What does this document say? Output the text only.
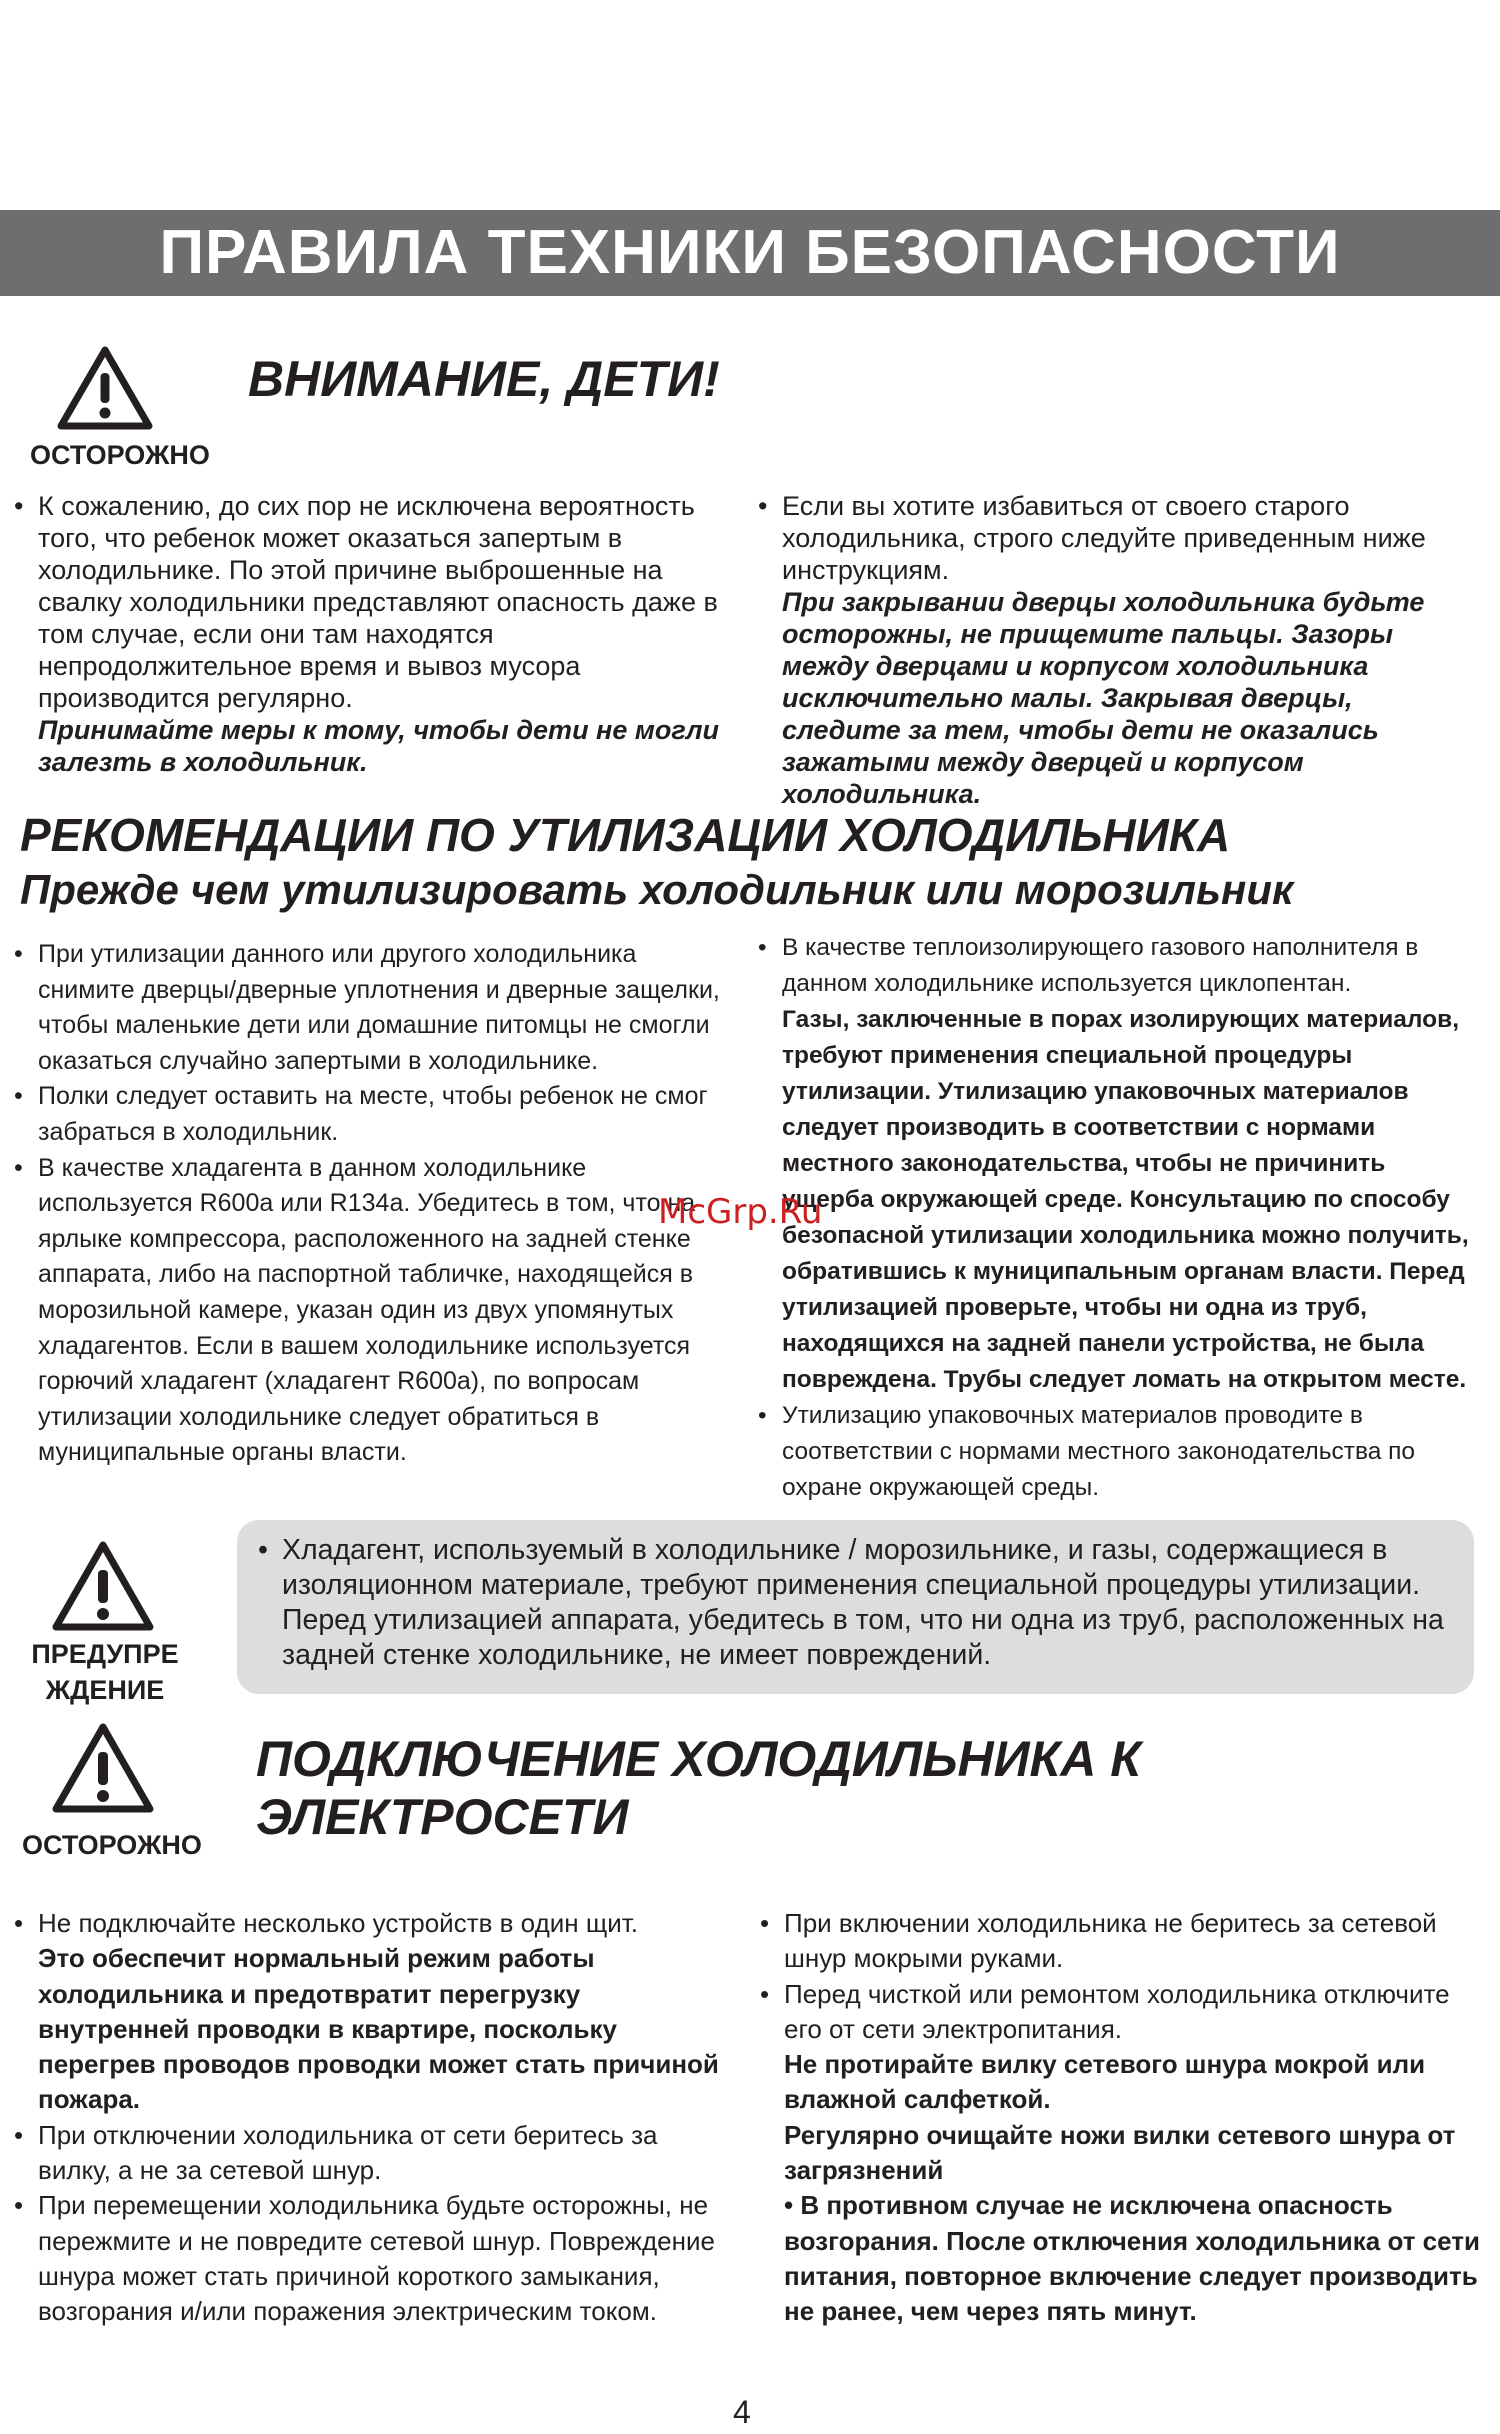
ПРАВИЛА ТЕХНИКИ БЕЗОПАСНОСТИ
ОСТОРОЖНО
ВНИМАНИЕ, ДЕТИ!

• К сожалению, до сих пор не исключена вероятность того, что ребенок может оказаться запертым в холодильнике. По этой причине выброшенные на свалку холодильники представляют опасность даже в том случае, если они там находятся непродолжительное время и вывоз мусора производится регулярно.
Принимайте меры к тому, чтобы дети не могли залезть в холодильник.

• Если вы хотите избавиться от своего старого холодильника, строго следуйте приведенным ниже инструкциям.
При закрывании дверцы холодильника будьте осторожны, не прищемите пальцы. Зазоры между дверцами и корпусом холодильника исключительно малы. Закрывая дверцы, следите за тем, чтобы дети не оказались зажатыми между дверцей и корпусом холодильника.

РЕКОМЕНДАЦИИ ПО УТИЛИЗАЦИИ ХОЛОДИЛЬНИКА
Прежде чем утилизировать холодильник или морозильник

• При утилизации данного или другого холодильника снимите дверцы/дверные уплотнения и дверные защелки, чтобы маленькие дети или домашние питомцы не смогли оказаться случайно запертыми в холодильнике.

• Полки следует оставить на месте, чтобы ребенок не смог забраться в холодильник.

• В качестве хладагента в данном холодильнике используется R600a или R134a. Убедитесь в том, что на ярлыке компрессора, расположенного на задней стенке аппарата, либо на паспортной табличке, находящейся в морозильной камере, указан один из двух упомянутых хладагентов. Если в вашем холодильнике используется горючий хладагент (хладагент R600a), по вопросам утилизации холодильнике следует обратиться в муниципальные органы власти.

• В качестве теплоизолирующего газового наполнителя в данном холодильнике используется циклопентан.
Газы, заключенные в порах изолирующих материалов, требуют применения специальной процедуры утилизации. Утилизацию упаковочных материалов следует производить в соответствии с нормами местного законодательства, чтобы не причинить ущерба окружающей среде. Консультацию по способу безопасной утилизации холодильника можно получить, обратившись к муниципальным органам власти. Перед утилизацией проверьте, чтобы ни одна из труб, находящихся на задней панели устройства, не была повреждена. Трубы следует ломать на открытом месте.

• Утилизацию упаковочных материалов проводите в соответствии с нормами местного законодательства по охране окружающей среды.

McGrp.Ru
ПРЕДУПРЕ ЖДЕНИЕ

• Хладагент, используемый в холодильнике / морозильнике, и газы, содержащиеся в изоляционном материале, требуют применения специальной процедуры утилизации. Перед утилизацией аппарата, убедитесь в том, что ни одна из труб, расположенных на задней стенке холодильнике, не имеет повреждений.

ОСТОРОЖНО
ПОДКЛЮЧЕНИЕ ХОЛОДИЛЬНИКА К ЭЛЕКТРОСЕТИ

• Не подключайте несколько устройств в один щит.
Это обеспечит нормальный режим работы холодильника и предотвратит перегрузку внутренней проводки в квартире, поскольку перегрев проводов проводки может стать причиной пожара.

• При отключении холодильника от сети беритесь за вилку, а не за сетевой шнур.

• При перемещении холодильника будьте осторожны, не пережмите и не повредите сетевой шнур. Повреждение шнура может стать причиной короткого замыкания, возгорания и/или поражения электрическим током.

• При включении холодильника не беритесь за сетевой шнур мокрыми руками.

• Перед чисткой или ремонтом холодильника отключите его от сети электропитания.
Не протирайте вилку сетевого шнура мокрой или влажной салфеткой.
Регулярно очищайте ножи вилки сетевого шнура от загрязнений
• В противном случае не исключена опасность возгорания. После отключения холодильника от сети питания, повторное включение следует производить не ранее, чем через пять минут.

4
